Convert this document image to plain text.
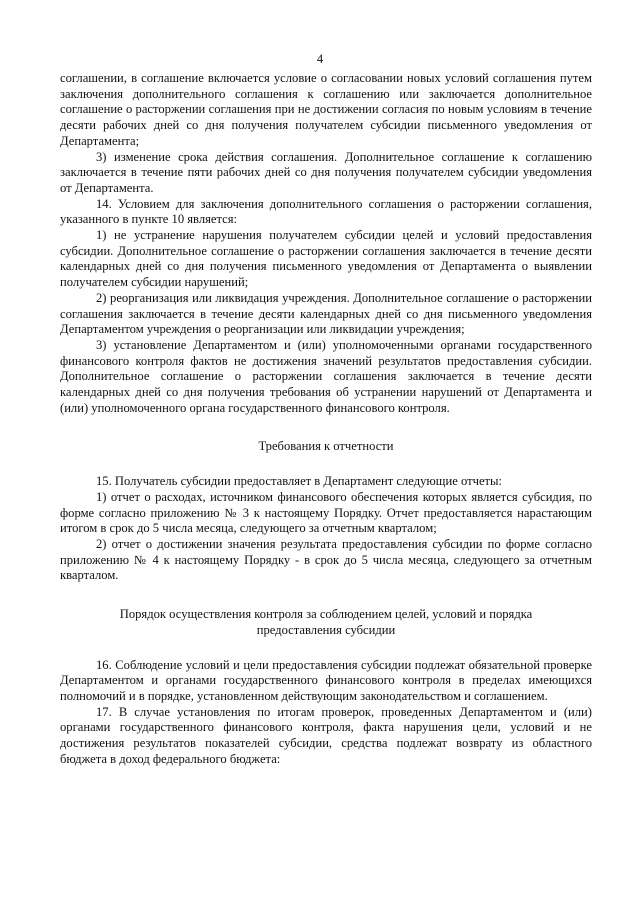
4

соглашении, в соглашение включается условие о согласовании новых условий соглашения путем заключения дополнительного соглашения к соглашению или заключается дополнительное соглашение о расторжении соглашения при не достижении согласия по новым условиям в течение десяти рабочих дней со дня получения получателем субсидии письменного уведомления от Департамента;

3) изменение срока действия соглашения. Дополнительное соглашение к соглашению заключается в течение пяти рабочих дней со дня получения получателем субсидии уведомления от Департамента.

14. Условием для заключения дополнительного соглашения о расторжении соглашения, указанного в пункте 10 является:

1) не устранение нарушения получателем субсидии целей и условий предоставления субсидии. Дополнительное соглашение о расторжении соглашения заключается в течение десяти календарных дней со дня получения письменного уведомления от Департамента о выявлении получателем субсидии нарушений;

2) реорганизация или ликвидация учреждения. Дополнительное соглашение о расторжении соглашения заключается в течение десяти календарных дней со дня письменного уведомления Департаментом учреждения о реорганизации или ликвидации учреждения;

3) установление Департаментом и (или) уполномоченными органами государственного финансового контроля фактов не достижения значений результатов предоставления субсидии. Дополнительное соглашение о расторжении соглашения заключается в течение десяти календарных дней со дня получения требования об устранении нарушений от Департамента и (или) уполномоченного органа государственного финансового контроля.

Требования к отчетности

15. Получатель субсидии предоставляет в Департамент следующие отчеты:

1) отчет о расходах, источником финансового обеспечения которых является субсидия, по форме согласно приложению № 3 к настоящему Порядку. Отчет предоставляется нарастающим итогом в срок до 5 числа месяца, следующего за отчетным кварталом;

2) отчет о достижении значения результата предоставления субсидии по форме согласно приложению № 4 к настоящему Порядку - в срок до 5 числа месяца, следующего за отчетным кварталом.

Порядок осуществления контроля за соблюдением целей, условий и порядка

предоставления субсидии

16. Соблюдение условий и цели предоставления субсидии подлежат обязательной проверке Департаментом и органами государственного финансового контроля в пределах имеющихся полномочий и в порядке, установленном действующим законодательством и соглашением.

17. В случае установления по итогам проверок, проведенных Департаментом и (или) органами государственного финансового контроля, факта нарушения цели, условий и не достижения результатов показателей субсидии, средства подлежат возврату из областного бюджета в доход федерального бюджета:
